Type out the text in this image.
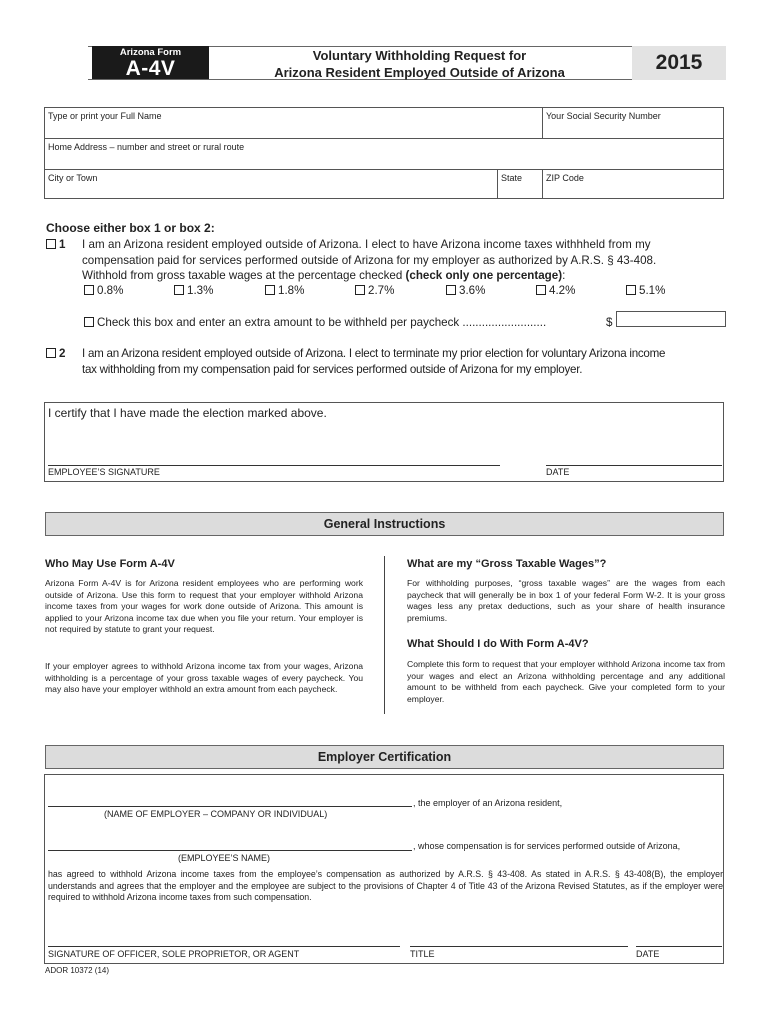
Arizona Form
A-4V
Voluntary Withholding Request for
Arizona Resident Employed Outside of Arizona	2015
Type or print your Full Name	Your Social Security Number
Home Address – number and street or rural route
City or Town	State	ZIP Code
Choose either box 1 or box 2:
1 I am an Arizona resident employed outside of Arizona. I elect to have Arizona income taxes withhheld from my
compensation paid for services performed outside of Arizona for my employer as authorized by A.R.S. § 43-408.
Withhold from gross taxable wages at the percentage checked (check only one percentage):
0.8%	1.3%	1.8%	2.7%	3.6%	4.2%	5.1%
Check this box and enter an extra amount to be withheld per paycheck ..........................	$
2 I am an Arizona resident employed outside of Arizona. I elect to terminate my prior election for voluntary Arizona income
tax withholding from my compensation paid for services performed outside of Arizona for my employer.
I certify that I have made the election marked above.
EMPLOYEE’S SIGNATURE	DATE
General Instructions
Who May Use Form A-4V
Arizona Form A-4V is for Arizona resident employees who are performing work outside of Arizona. Use this form to request that your employer withhold Arizona income taxes from your wages for work done outside of Arizona. This amount is applied to your Arizona income tax due when you file your return. Your employer is not required by statute to grant your request.
If your employer agrees to withhold Arizona income tax from your wages, Arizona withholding is a percentage of your gross taxable wages of every paycheck. You may also have your employer withhold an extra amount from each paycheck.
What are my “Gross Taxable Wages”?
For withholding purposes, “gross taxable wages” are the wages from each paycheck that will generally be in box 1 of your federal Form W-2. It is your gross wages less any pretax deductions, such as your share of health insurance premiums.
What Should I do With Form A-4V?
Complete this form to request that your employer withhold Arizona income tax from your wages and elect an Arizona withholding percentage and any additional amount to be withheld from each paycheck. Give your completed form to your employer.
Employer Certification
, the employer of an Arizona resident,
(NAME OF EMPLOYER – COMPANY OR INDIVIDUAL)
, whose compensation is for services performed outside of Arizona,
(EMPLOYEE’S NAME)
has agreed to withhold Arizona income taxes from the employee’s compensation as authorized by A.R.S. § 43-408. As stated in A.R.S. § 43-408(B), the employer understands and agrees that the employer and the employee are subject to the provisions of Chapter 4 of Title 43 of the Arizona Revised Statutes, as if the employer were required to withhold Arizona income taxes from such compensation.
SIGNATURE OF OFFICER, SOLE PROPRIETOR, OR AGENT	TITLE	DATE
ADOR 10372 (14)
